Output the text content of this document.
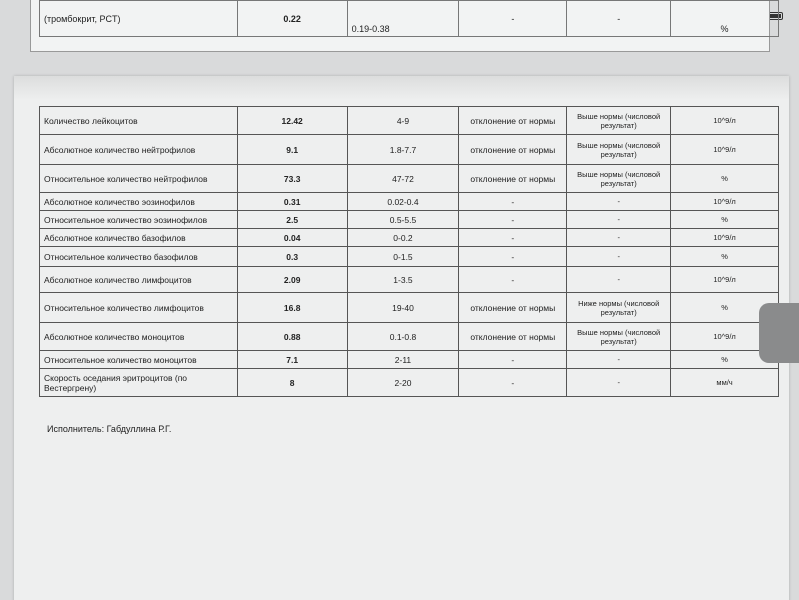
(тромбокрит, PCT)	0.22	0.19-0.38	-	-	%
Количество лейкоцитов	12.42	4-9	отклонение от нормы	Выше нормы (числовой результат)	10^9/л
Абсолютное количество нейтрофилов	9.1	1.8-7.7	отклонение от нормы	Выше нормы (числовой результат)	10^9/л
Относительное количество нейтрофилов	73.3	47-72	отклонение от нормы	Выше нормы (числовой результат)	%
Абсолютное количество эозинофилов	0.31	0.02-0.4	-	-	10^9/л
Относительное количество эозинофилов	2.5	0.5-5.5	-	-	%
Абсолютное количество базофилов	0.04	0-0.2	-	-	10^9/л
Относительное количество базофилов	0.3	0-1.5	-	-	%
Абсолютное количество лимфоцитов	2.09	1-3.5	-	-	10^9/л
Относительное количество лимфоцитов	16.8	19-40	отклонение от нормы	Ниже нормы (числовой результат)	%
Абсолютное количество моноцитов	0.88	0.1-0.8	отклонение от нормы	Выше нормы (числовой результат)	10^9/л
Относительное количество моноцитов	7.1	2-11	-	-	%
Скорость оседания эритроцитов (по Вестергрену)	8	2-20	-	-	мм/ч
Исполнитель: Габдуллина Р.Г.
